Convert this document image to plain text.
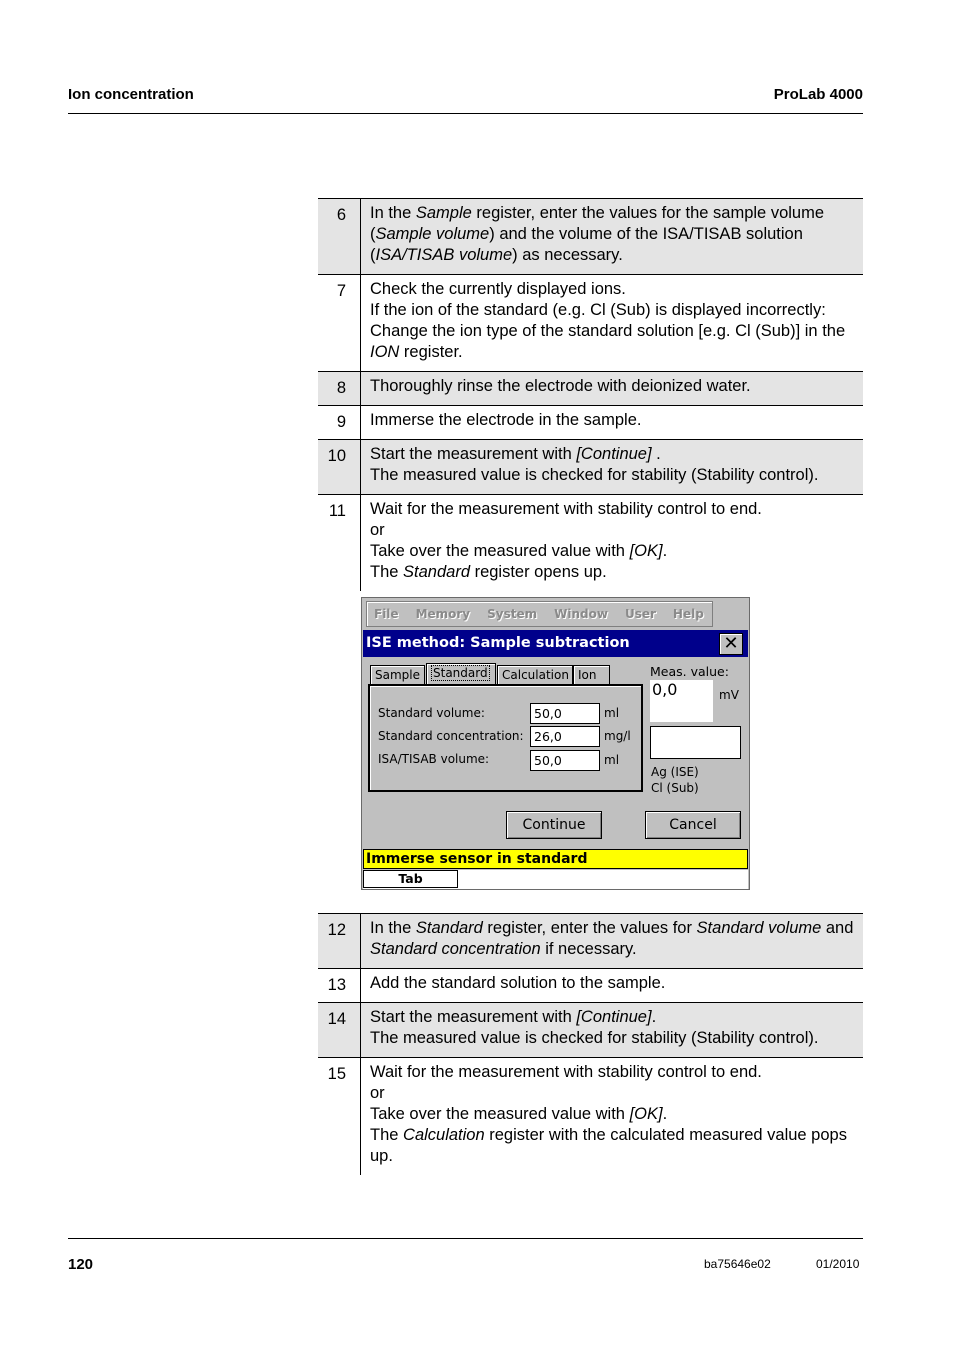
Ion concentration	ProLab 4000
6	In the Sample register, enter the values for the sample volume (Sample volume) and the volume of the ISA/TISAB solution (ISA/TISAB volume) as necessary.
7	Check the currently displayed ions.
If the ion of the standard (e.g. Cl (Sub) is displayed incorrectly: Change the ion type of the standard solution [e.g. Cl (Sub)] in the ION register.
8	Thoroughly rinse the electrode with deionized water.
9	Immerse the electrode in the sample.
10	Start the measurement with [Continue] .
The measured value is checked for stability (Stability control).
11	Wait for the measurement with stability control to end.
or
Take over the measured value with [OK].
The Standard register opens up.
File	Memory	System	Window	User	Help
ISE method: Sample subtraction	✕
Sample	Standard	Calculation Ion
Standard volume:	50,0	ml
Standard concentration: 26,0	mg/l
ISA/TISAB volume:	50,0	ml
Meas. value:
0,0	mV
Ag (ISE)
Cl (Sub)
Continue	Cancel
Immerse sensor in standard
Tab
12	In the Standard register, enter the values for Standard volume and Standard concentration if necessary.
13	Add the standard solution to the sample.
14	Start the measurement with [Continue].
The measured value is checked for stability (Stability control).
15	Wait for the measurement with stability control to end.
or
Take over the measured value with [OK].
The Calculation register with the calculated measured value pops up.
120	ba75646e02	01/2010
